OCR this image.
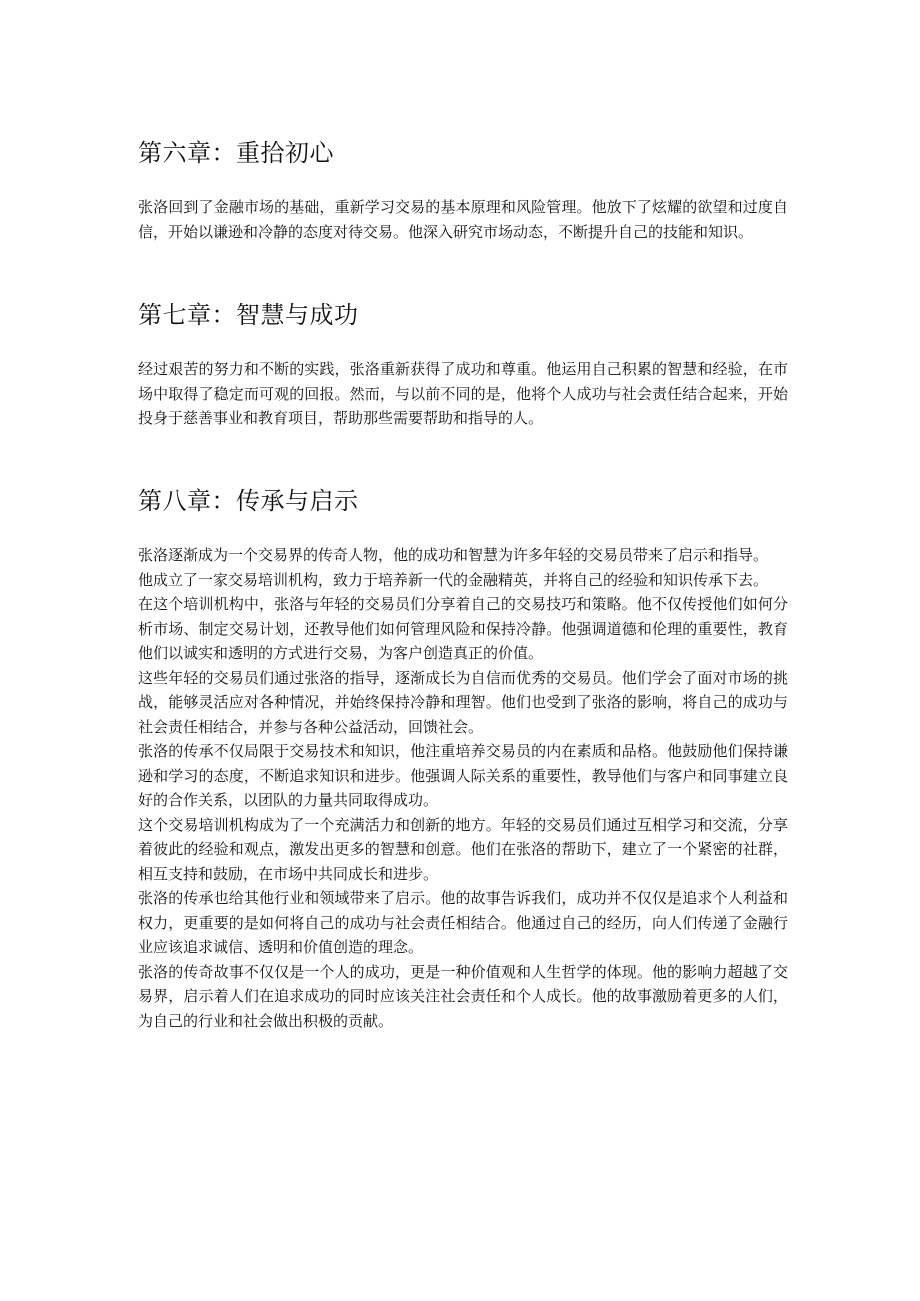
第六章：重拾初心

张洛回到了金融市场的基础，重新学习交易的基本原理和风险管理。他放下了炫耀的欲望和过度自信，开始以谦逊和冷静的态度对待交易。他深入研究市场动态，不断提升自己的技能和知识。

第七章：智慧与成功

经过艰苦的努力和不断的实践，张洛重新获得了成功和尊重。他运用自己积累的智慧和经验，在市场中取得了稳定而可观的回报。然而，与以前不同的是，他将个人成功与社会责任结合起来，开始投身于慈善事业和教育项目，帮助那些需要帮助和指导的人。

第八章：传承与启示

张洛逐渐成为一个交易界的传奇人物，他的成功和智慧为许多年轻的交易员带来了启示和指导。

他成立了一家交易培训机构，致力于培养新一代的金融精英，并将自己的经验和知识传承下去。

在这个培训机构中，张洛与年轻的交易员们分享着自己的交易技巧和策略。他不仅传授他们如何分析市场、制定交易计划，还教导他们如何管理风险和保持冷静。他强调道德和伦理的重要性，教育他们以诚实和透明的方式进行交易，为客户创造真正的价值。

这些年轻的交易员们通过张洛的指导，逐渐成长为自信而优秀的交易员。他们学会了面对市场的挑战，能够灵活应对各种情况，并始终保持冷静和理智。他们也受到了张洛的影响，将自己的成功与社会责任相结合，并参与各种公益活动，回馈社会。

张洛的传承不仅局限于交易技术和知识，他注重培养交易员的内在素质和品格。他鼓励他们保持谦逊和学习的态度，不断追求知识和进步。他强调人际关系的重要性，教导他们与客户和同事建立良好的合作关系，以团队的力量共同取得成功。

这个交易培训机构成为了一个充满活力和创新的地方。年轻的交易员们通过互相学习和交流，分享着彼此的经验和观点，激发出更多的智慧和创意。他们在张洛的帮助下，建立了一个紧密的社群，相互支持和鼓励，在市场中共同成长和进步。

张洛的传承也给其他行业和领域带来了启示。他的故事告诉我们，成功并不仅仅是追求个人利益和权力，更重要的是如何将自己的成功与社会责任相结合。他通过自己的经历，向人们传递了金融行业应该追求诚信、透明和价值创造的理念。

张洛的传奇故事不仅仅是一个人的成功，更是一种价值观和人生哲学的体现。他的影响力超越了交易界，启示着人们在追求成功的同时应该关注社会责任和个人成长。他的故事激励着更多的人们，为自己的行业和社会做出积极的贡献。
